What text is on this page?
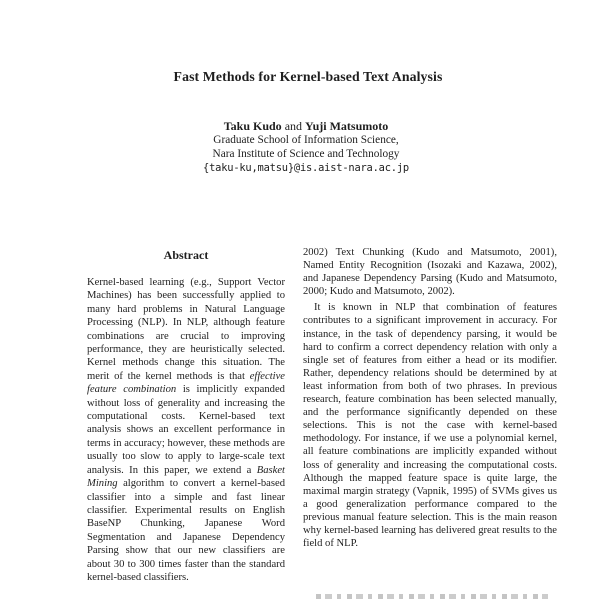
Fast Methods for Kernel-based Text Analysis
Taku Kudo and Yuji Matsumoto
Graduate School of Information Science,
Nara Institute of Science and Technology
{taku-ku,matsu}@is.aist-nara.ac.jp
Abstract
Kernel-based learning (e.g., Support Vector Machines) has been successfully applied to many hard problems in Natural Language Processing (NLP). In NLP, although feature combinations are crucial to improving performance, they are heuristically selected. Kernel methods change this situation. The merit of the kernel methods is that effective feature combination is implicitly expanded without loss of generality and increasing the computational costs. Kernel-based text analysis shows an excellent performance in terms in accuracy; however, these methods are usually too slow to apply to large-scale text analysis. In this paper, we extend a Basket Mining algorithm to convert a kernel-based classifier into a simple and fast linear classifier. Experimental results on English BaseNP Chunking, Japanese Word Segmentation and Japanese Dependency Parsing show that our new classifiers are about 30 to 300 times faster than the standard kernel-based classifiers.

2002) Text Chunking (Kudo and Matsumoto, 2001), Named Entity Recognition (Isozaki and Kazawa, 2002), and Japanese Dependency Parsing (Kudo and Matsumoto, 2000; Kudo and Matsumoto, 2002).

It is known in NLP that combination of features contributes to a significant improvement in accuracy. For instance, in the task of dependency parsing, it would be hard to confirm a correct dependency relation with only a single set of features from either a head or its modifier. Rather, dependency relations should be determined by at least information from both of two phrases. In previous research, feature combination has been selected manually, and the performance significantly depended on these selections. This is not the case with kernel-based methodology. For instance, if we use a polynomial kernel, all feature combinations are implicitly expanded without loss of generality and increasing the computational costs. Although the mapped feature space is quite large, the maximal margin strategy (Vapnik, 1995) of SVMs gives us a good generalization performance compared to the previous manual feature selection. This is the main reason why kernel-based learning has delivered great results to the field of NLP.
